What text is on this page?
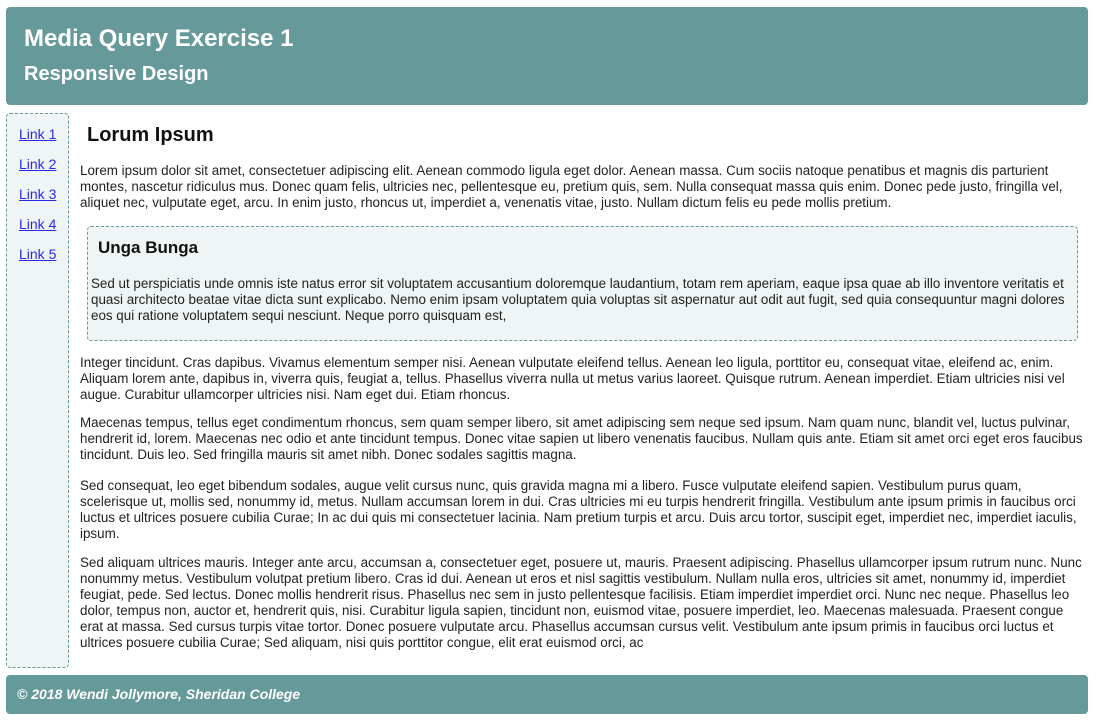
Media Query Exercise 1
Responsive Design
Link 1
Link 2
Link 3
Link 4
Link 5
Lorum Ipsum

Lorem ipsum dolor sit amet, consectetuer adipiscing elit. Aenean commodo ligula eget dolor. Aenean massa. Cum sociis natoque penatibus et magnis dis parturient montes, nascetur ridiculus mus. Donec quam felis, ultricies nec, pellentesque eu, pretium quis, sem. Nulla consequat massa quis enim. Donec pede justo, fringilla vel, aliquet nec, vulputate eget, arcu. In enim justo, rhoncus ut, imperdiet a, venenatis vitae, justo. Nullam dictum felis eu pede mollis pretium.

Unga Bunga

Sed ut perspiciatis unde omnis iste natus error sit voluptatem accusantium doloremque laudantium, totam rem aperiam, eaque ipsa quae ab illo inventore veritatis et quasi architecto beatae vitae dicta sunt explicabo. Nemo enim ipsam voluptatem quia voluptas sit aspernatur aut odit aut fugit, sed quia consequuntur magni dolores eos qui ratione voluptatem sequi nesciunt. Neque porro quisquam est,

Integer tincidunt. Cras dapibus. Vivamus elementum semper nisi. Aenean vulputate eleifend tellus. Aenean leo ligula, porttitor eu, consequat vitae, eleifend ac, enim. Aliquam lorem ante, dapibus in, viverra quis, feugiat a, tellus. Phasellus viverra nulla ut metus varius laoreet. Quisque rutrum. Aenean imperdiet. Etiam ultricies nisi vel augue. Curabitur ullamcorper ultricies nisi. Nam eget dui. Etiam rhoncus.

Maecenas tempus, tellus eget condimentum rhoncus, sem quam semper libero, sit amet adipiscing sem neque sed ipsum. Nam quam nunc, blandit vel, luctus pulvinar, hendrerit id, lorem. Maecenas nec odio et ante tincidunt tempus. Donec vitae sapien ut libero venenatis faucibus. Nullam quis ante. Etiam sit amet orci eget eros faucibus tincidunt. Duis leo. Sed fringilla mauris sit amet nibh. Donec sodales sagittis magna.

Sed consequat, leo eget bibendum sodales, augue velit cursus nunc, quis gravida magna mi a libero. Fusce vulputate eleifend sapien. Vestibulum purus quam, scelerisque ut, mollis sed, nonummy id, metus. Nullam accumsan lorem in dui. Cras ultricies mi eu turpis hendrerit fringilla. Vestibulum ante ipsum primis in faucibus orci luctus et ultrices posuere cubilia Curae; In ac dui quis mi consectetuer lacinia. Nam pretium turpis et arcu. Duis arcu tortor, suscipit eget, imperdiet nec, imperdiet iaculis, ipsum.

Sed aliquam ultrices mauris. Integer ante arcu, accumsan a, consectetuer eget, posuere ut, mauris. Praesent adipiscing. Phasellus ullamcorper ipsum rutrum nunc. Nunc nonummy metus. Vestibulum volutpat pretium libero. Cras id dui. Aenean ut eros et nisl sagittis vestibulum. Nullam nulla eros, ultricies sit amet, nonummy id, imperdiet feugiat, pede. Sed lectus. Donec mollis hendrerit risus. Phasellus nec sem in justo pellentesque facilisis. Etiam imperdiet imperdiet orci. Nunc nec neque. Phasellus leo dolor, tempus non, auctor et, hendrerit quis, nisi. Curabitur ligula sapien, tincidunt non, euismod vitae, posuere imperdiet, leo. Maecenas malesuada. Praesent congue erat at massa. Sed cursus turpis vitae tortor. Donec posuere vulputate arcu. Phasellus accumsan cursus velit. Vestibulum ante ipsum primis in faucibus orci luctus et ultrices posuere cubilia Curae; Sed aliquam, nisi quis porttitor congue, elit erat euismod orci, ac

© 2018 Wendi Jollymore, Sheridan College
